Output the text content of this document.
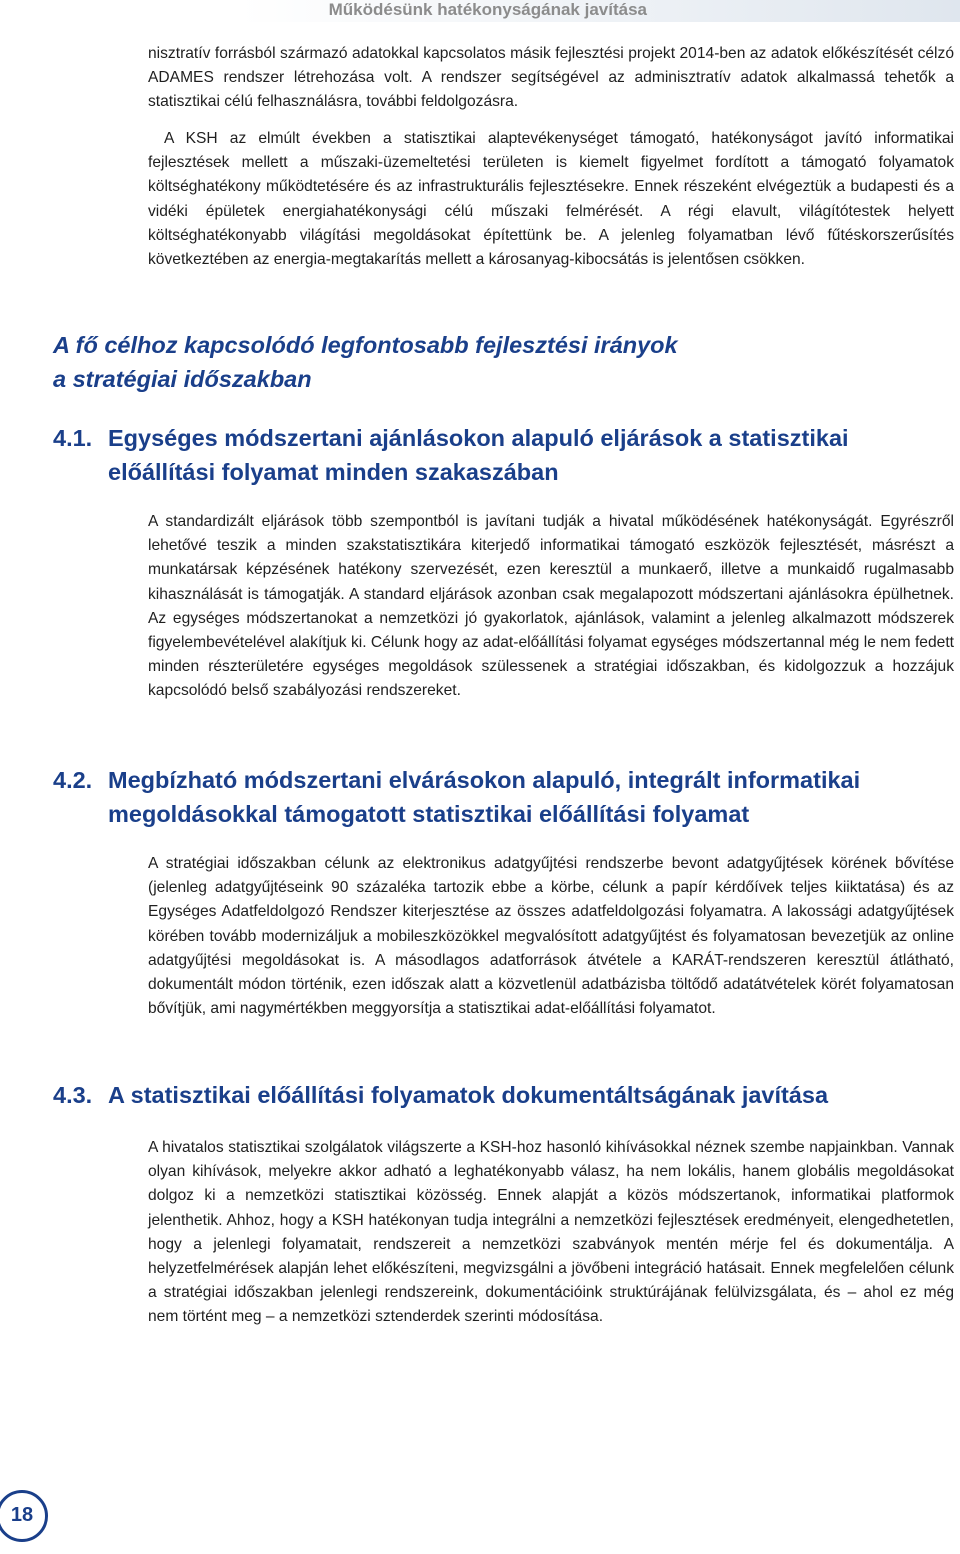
Működésünk hatékonyságának javítása

nisztratív forrásból származó adatokkal kapcsolatos másik fejlesztési projekt 2014-ben az adatok előkészítését célzó ADAMES rendszer létrehozása volt. A rendszer segítségével az adminisztratív adatok alkalmassá tehetők a statisztikai célú felhasználásra, további feldolgozásra.

A KSH az elmúlt években a statisztikai alaptevékenységet támogató, hatékonyságot javító informatikai fejlesztések mellett a műszaki-üzemeltetési területen is kiemelt figyelmet fordított a támogató folyamatok költséghatékony működtetésére és az infrastrukturális fejlesztésekre. Ennek részeként elvégeztük a budapesti és a vidéki épületek energiahatékonysági célú műszaki felmérését. A régi elavult, világítótestek helyett költséghatékonyabb világítási megoldásokat építettünk be. A jelenleg folyamatban lévő fűtéskorszerűsítés következtében az energia-megtakarítás mellett a károsanyag-kibocsátás is jelentősen csökken.

A fő célhoz kapcsolódó legfontosabb fejlesztési irányok
a stratégiai időszakban
4.1. Egységes módszertani ajánlásokon alapuló eljárások a statisztikai
előállítási folyamat minden szakaszában

A standardizált eljárások több szempontból is javítani tudják a hivatal működésének hatékonyságát. Egyrészről lehetővé teszik a minden szakstatisztikára kiterjedő informatikai támogató eszközök fejlesztését, másrészt a munkatársak képzésének hatékony szervezését, ezen keresztül a munkaerő, illetve a munkaidő rugalmasabb kihasználását is támogatják. A standard eljárások azonban csak megalapozott módszertani ajánlásokra épülhetnek. Az egységes módszertanokat a nemzetközi jó gyakorlatok, ajánlások, valamint a jelenleg alkalmazott módszerek figyelembevételével alakítjuk ki. Célunk hogy az adat-előállítási folyamat egységes módszertannal még le nem fedett minden részterületére egységes megoldások szülessenek a stratégiai időszakban, és kidolgozzuk a hozzájuk kapcsolódó belső szabályozási rendszereket.

4.2. Megbízható módszertani elvárásokon alapuló, integrált informatikai
megoldásokkal támogatott statisztikai előállítási folyamat

A stratégiai időszakban célunk az elektronikus adatgyűjtési rendszerbe bevont adatgyűjtések körének bővítése (jelenleg adatgyűjtéseink 90 százaléka tartozik ebbe a körbe, célunk a papír kérdőívek teljes kiiktatása) és az Egységes Adatfeldolgozó Rendszer kiterjesztése az összes adatfeldolgozási folyamatra. A lakossági adatgyűjtések körében tovább modernizáljuk a mobileszközökkel megvalósított adatgyűjtést és folyamatosan bevezetjük az online adatgyűjtési megoldásokat is. A másodlagos adatforrások átvétele a KARÁT-rendszeren keresztül átlátható, dokumentált módon történik, ezen időszak alatt a közvetlenül adatbázisba töltődő adatátvételek körét folyamatosan bővítjük, ami nagymértékben meggyorsítja a statisztikai adat-előállítási folyamatot.

4.3. A statisztikai előállítási folyamatok dokumentáltságának javítása

A hivatalos statisztikai szolgálatok világszerte a KSH-hoz hasonló kihívásokkal néznek szembe napjainkban. Vannak olyan kihívások, melyekre akkor adható a leghatékonyabb válasz, ha nem lokális, hanem globális megoldásokat dolgoz ki a nemzetközi statisztikai közösség. Ennek alapját a közös módszertanok, informatikai platformok jelenthetik. Ahhoz, hogy a KSH hatékonyan tudja integrálni a nemzetközi fejlesztések eredményeit, elengedhetetlen, hogy a jelenlegi folyamatait, rendszereit a nemzetközi szabványok mentén mérje fel és dokumentálja. A helyzetfelmérések alapján lehet előkészíteni, megvizsgálni a jövőbeni integráció hatásait. Ennek megfelelően célunk a stratégiai időszakban jelenlegi rendszereink, dokumentációink struktúrájának felülvizsgálata, és – ahol ez még nem történt meg – a nemzetközi sztenderdek szerinti módosítása.

18
